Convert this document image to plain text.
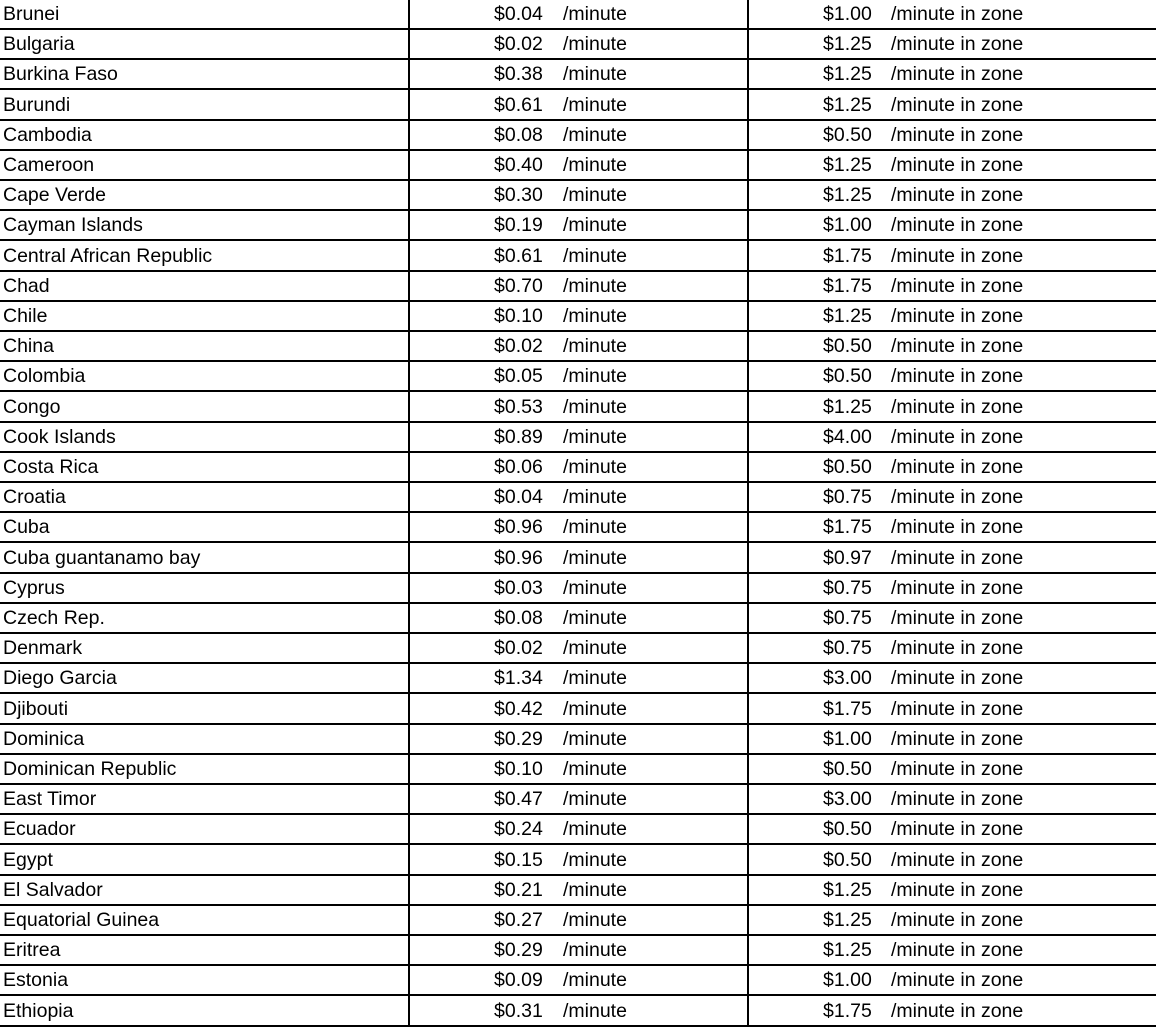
Brunei	$0.04	/minute	$1.00 /minute in zone
Bulgaria	$0.02	/minute	$1.25 /minute in zone
Burkina Faso	$0.38	/minute	$1.25 /minute in zone
Burundi	$0.61	/minute	$1.25 /minute in zone
Cambodia	$0.08	/minute	$0.50 /minute in zone
Cameroon	$0.40	/minute	$1.25 /minute in zone
Cape Verde	$0.30	/minute	$1.25 /minute in zone
Cayman Islands	$0.19	/minute	$1.00 /minute in zone
Central African Republic	$0.61	/minute	$1.75 /minute in zone
Chad	$0.70	/minute	$1.75 /minute in zone
Chile	$0.10	/minute	$1.25 /minute in zone
China	$0.02	/minute	$0.50 /minute in zone
Colombia	$0.05	/minute	$0.50 /minute in zone
Congo	$0.53	/minute	$1.25 /minute in zone
Cook Islands	$0.89	/minute	$4.00 /minute in zone
Costa Rica	$0.06	/minute	$0.50 /minute in zone
Croatia	$0.04	/minute	$0.75 /minute in zone
Cuba	$0.96	/minute	$1.75 /minute in zone
Cuba guantanamo bay	$0.96	/minute	$0.97 /minute in zone
Cyprus	$0.03	/minute	$0.75 /minute in zone
Czech Rep.	$0.08	/minute	$0.75 /minute in zone
Denmark	$0.02	/minute	$0.75 /minute in zone
Diego Garcia	$1.34	/minute	$3.00 /minute in zone
Djibouti	$0.42	/minute	$1.75 /minute in zone
Dominica	$0.29	/minute	$1.00 /minute in zone
Dominican Republic	$0.10	/minute	$0.50 /minute in zone
East Timor	$0.47	/minute	$3.00 /minute in zone
Ecuador	$0.24	/minute	$0.50 /minute in zone
Egypt	$0.15	/minute	$0.50 /minute in zone
El Salvador	$0.21	/minute	$1.25 /minute in zone
Equatorial Guinea	$0.27	/minute	$1.25 /minute in zone
Eritrea	$0.29	/minute	$1.25 /minute in zone
Estonia	$0.09	/minute	$1.00 /minute in zone
Ethiopia	$0.31	/minute	$1.75 /minute in zone
